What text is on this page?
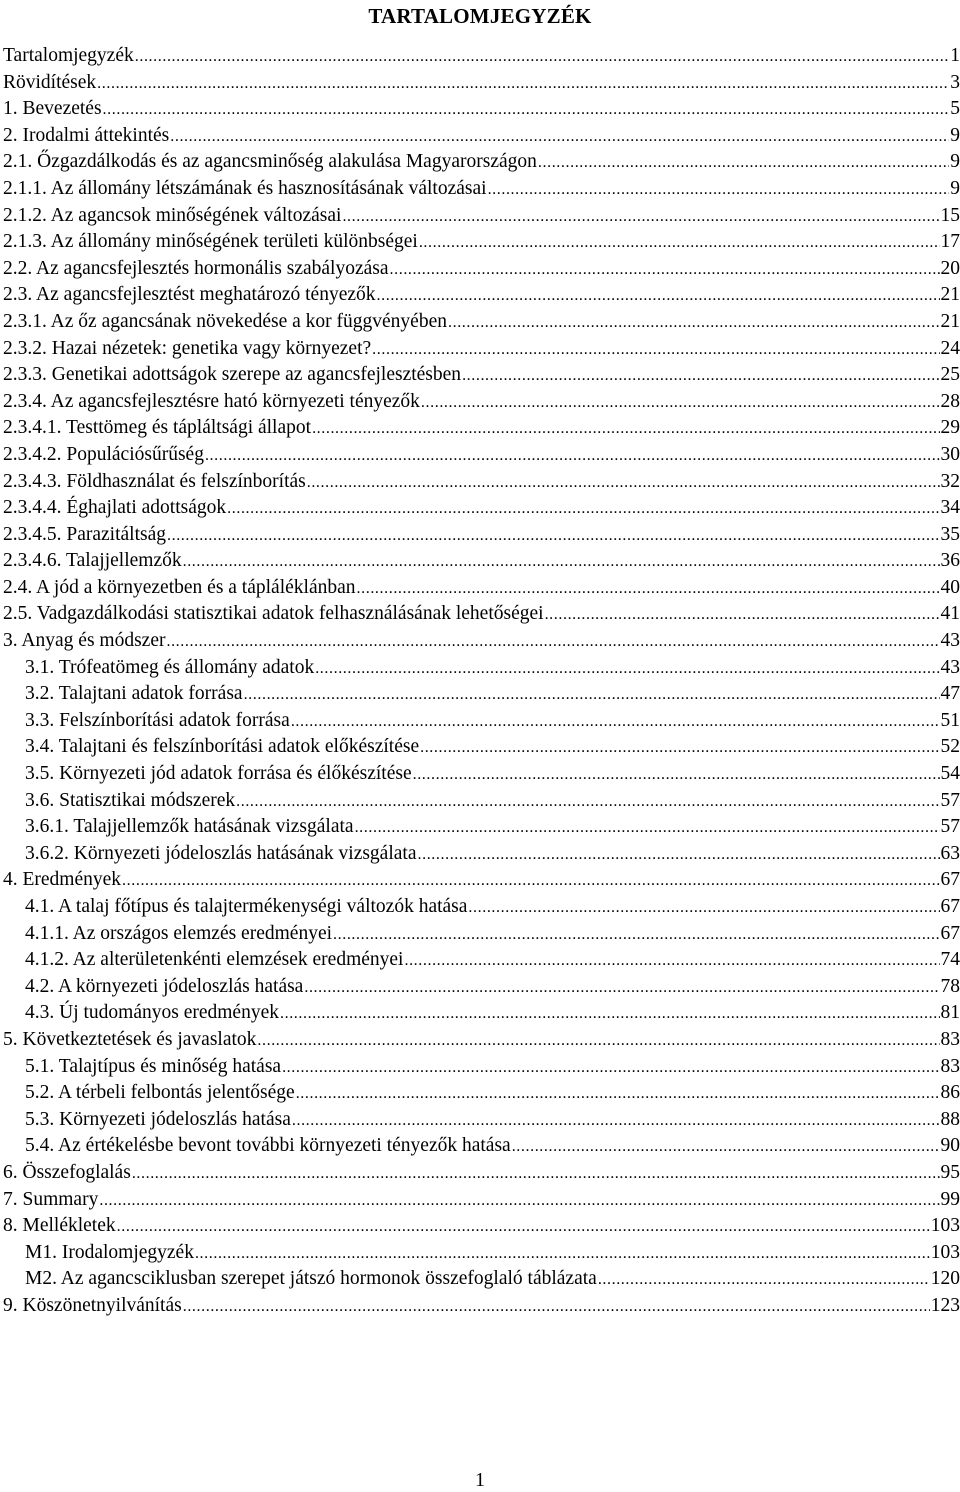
TARTALOMJEGYZÉK
Tartalomjegyzék .....	1
Rövidítések .....	3
1. Bevezetés .....	5
2. Irodalmi áttekintés .....	9
2.1. Őzgazdálkodás és az agancsminőség alakulása Magyarországon .....	9
2.1.1. Az állomány létszámának és hasznosításának változásai .....	9
2.1.2. Az agancsok minőségének változásai .....	15
2.1.3. Az állomány minőségének területi különbségei .....	17
2.2. Az agancsfejlesztés hormonális szabályozása .....	20
2.3. Az agancsfejlesztést meghatározó tényezők .....	21
2.3.1. Az őz agancsának növekedése a kor függvényében .....	21
2.3.2. Hazai nézetek: genetika vagy környezet? .....	24
2.3.3. Genetikai adottságok szerepe az agancsfejlesztésben .....	25
2.3.4. Az agancsfejlesztésre ható környezeti tényezők .....	28
2.3.4.1. Testtömeg és tápláltsági állapot .....	29
2.3.4.2. Populációsűrűség .....	30
2.3.4.3. Földhasználat és felszínborítás .....	32
2.3.4.4. Éghajlati adottságok .....	34
2.3.4.5. Parazitáltság .....	35
2.3.4.6. Talajjellemzők .....	36
2.4. A jód a környezetben és a tápláléklánban .....	40
2.5. Vadgazdálkodási statisztikai adatok felhasználásának lehetőségei .....	41
3. Anyag és módszer .....	43
3.1. Trófeatömeg és állomány adatok .....	43
3.2. Talajtani adatok forrása .....	47
3.3. Felszínborítási adatok forrása .....	51
3.4. Talajtani és felszínborítási adatok előkészítése .....	52
3.5. Környezeti jód adatok forrása és élőkészítése .....	54
3.6. Statisztikai módszerek .....	57
3.6.1. Talajjellemzők hatásának vizsgálata .....	57
3.6.2. Környezeti jódeloszlás hatásának vizsgálata .....	63
4. Eredmények .....	67
4.1. A talaj főtípus és talajtermékenységi változók hatása .....	67
4.1.1. Az országos elemzés eredményei .....	67
4.1.2. Az alterületenkénti elemzések eredményei .....	74
4.2. A környezeti jódeloszlás hatása .....	78
4.3. Új tudományos eredmények .....	81
5. Következtetések és javaslatok .....	83
5.1. Talajtípus és minőség hatása .....	83
5.2. A térbeli felbontás jelentősége .....	86
5.3. Környezeti jódeloszlás hatása .....	88
5.4. Az értékelésbe bevont további környezeti tényezők hatása .....	90
6. Összefoglalás .....	95
7. Summary .....	99
8. Mellékletek .....	103
M1. Irodalomjegyzék .....	103
M2. Az agancsciklusban szerepet játszó hormonok összefoglaló táblázata .....	120
9. Köszönetnyilvánítás .....	123
1
